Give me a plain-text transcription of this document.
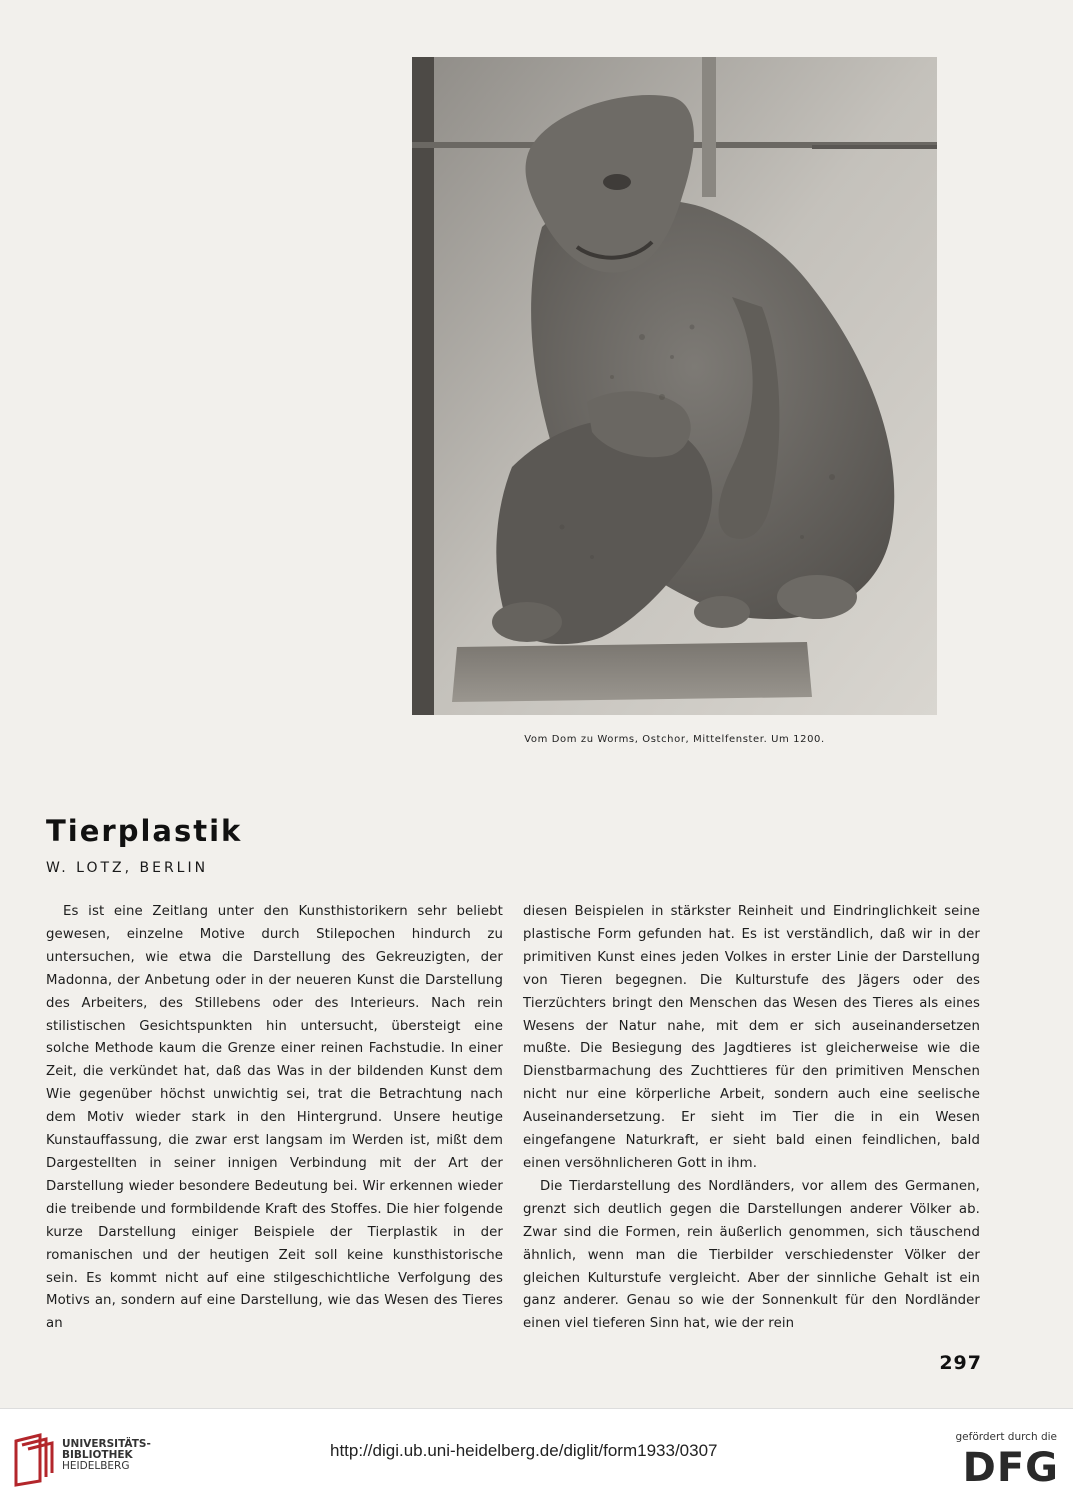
Vom Dom zu Worms, Ostchor, Mittelfenster. Um 1200.
Tierplastik
W. LOTZ, BERLIN

Es ist eine Zeitlang unter den Kunsthistorikern sehr beliebt gewesen, einzelne Motive durch Stilepochen hindurch zu untersuchen, wie etwa die Darstellung des Gekreuzigten, der Madonna, der Anbetung oder in der neueren Kunst die Darstellung des Arbeiters, des Stillebens oder des Interieurs. Nach rein stilistischen Gesichtspunkten hin untersucht, übersteigt eine solche Methode kaum die Grenze einer reinen Fachstudie. In einer Zeit, die verkündet hat, daß das Was in der bildenden Kunst dem Wie gegenüber höchst unwichtig sei, trat die Betrachtung nach dem Motiv wieder stark in den Hintergrund. Unsere heutige Kunstauffassung, die zwar erst langsam im Werden ist, mißt dem Dargestellten in seiner innigen Verbindung mit der Art der Darstellung wieder besondere Bedeutung bei. Wir erkennen wieder die treibende und formbildende Kraft des Stoffes. Die hier folgende kurze Darstellung einiger Beispiele der Tierplastik in der romanischen und der heutigen Zeit soll keine kunsthistorische sein. Es kommt nicht auf eine stilgeschichtliche Verfolgung des Motivs an, sondern auf eine Darstellung, wie das Wesen des Tieres an

diesen Beispielen in stärkster Reinheit und Eindringlichkeit seine plastische Form gefunden hat. Es ist verständlich, daß wir in der primitiven Kunst eines jeden Volkes in erster Linie der Darstellung von Tieren begegnen. Die Kulturstufe des Jägers oder des Tierzüchters bringt den Menschen das Wesen des Tieres als eines Wesens der Natur nahe, mit dem er sich auseinandersetzen mußte. Die Besiegung des Jagdtieres ist gleicherweise wie die Dienstbarmachung des Zuchttieres für den primitiven Menschen nicht nur eine körperliche Arbeit, sondern auch eine seelische Auseinandersetzung. Er sieht im Tier die in ein Wesen eingefangene Naturkraft, er sieht bald einen feindlichen, bald einen versöhnlicheren Gott in ihm.

Die Tierdarstellung des Nordländers, vor allem des Germanen, grenzt sich deutlich gegen die Darstellungen anderer Völker ab. Zwar sind die Formen, rein äußerlich genommen, sich täuschend ähnlich, wenn man die Tierbilder verschiedenster Völker der gleichen Kulturstufe vergleicht. Aber der sinnliche Gehalt ist ein ganz anderer. Genau so wie der Sonnenkult für den Nordländer einen viel tieferen Sinn hat, wie der rein

297
UNIVERSITÄTS-
BIBLIOTHEK
HEIDELBERG
http://digi.ub.uni-heidelberg.de/diglit/form1933/0307
gefördert durch die
DFG
